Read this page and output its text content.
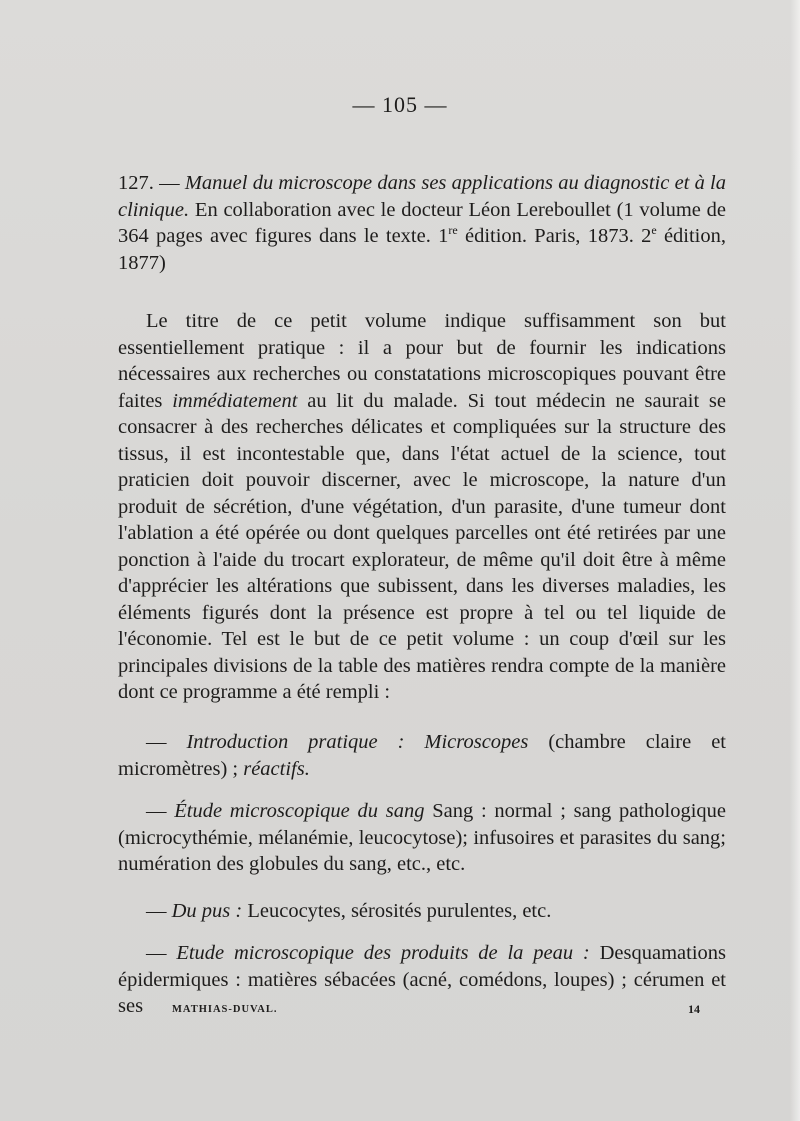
— 105 —
127. — Manuel du microscope dans ses applications au diagnostic et à la clinique. En collaboration avec le docteur Léon Lereboullet (1 volume de 364 pages avec figures dans le texte. 1re édition. Paris, 1873. 2e édition, 1877)

Le titre de ce petit volume indique suffisamment son but essentiellement pratique : il a pour but de fournir les indications nécessaires aux recherches ou constatations microscopiques pouvant être faites immédiatement au lit du malade. Si tout médecin ne saurait se consacrer à des recherches délicates et compliquées sur la structure des tissus, il est incontestable que, dans l'état actuel de la science, tout praticien doit pouvoir discerner, avec le microscope, la nature d'un produit de sécrétion, d'une végétation, d'un parasite, d'une tumeur dont l'ablation a été opérée ou dont quelques parcelles ont été retirées par une ponction à l'aide du trocart explorateur, de même qu'il doit être à même d'apprécier les altérations que subissent, dans les diverses maladies, les éléments figurés dont la présence est propre à tel ou tel liquide de l'économie. Tel est le but de ce petit volume : un coup d'œil sur les principales divisions de la table des matières rendra compte de la manière dont ce programme a été rempli :

— Introduction pratique : Microscopes (chambre claire et micromètres) ; réactifs.

— Étude microscopique du sang Sang : normal ; sang pathologique (microcythémie, mélanémie, leucocytose); infusoires et parasites du sang; numération des globules du sang, etc., etc.

— Du pus : Leucocytes, sérosités purulentes, etc.

— Etude microscopique des produits de la peau : Desquamations épidermiques : matières sébacées (acné, comédons, loupes) ; cérumen et ses	MATHIAS-DUVAL.	14
